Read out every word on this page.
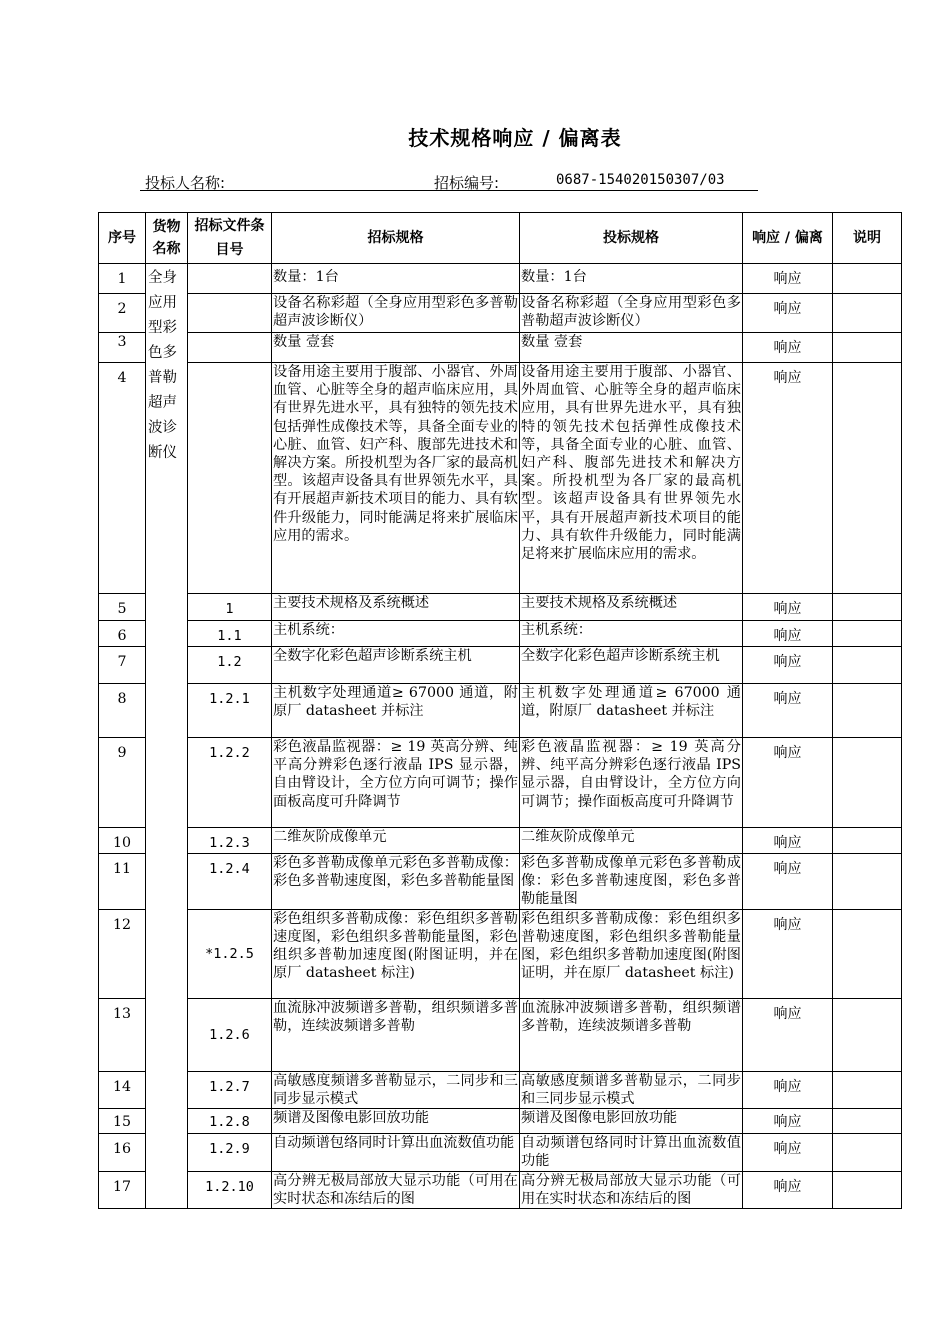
技术规格响应 / 偏离表
投标人名称:	招标编号:	0687-154020150307/03
序号	货物名称	招标文件条目号	招标规格	投标规格	响应 / 偏离	说明
1	全身应用型彩色多普勒超声波诊断仪		数量：1台	数量：1台	响应	
2			设备名称彩超（全身应用型彩色多普勒超声波诊断仪）	设备名称彩超（全身应用型彩色多普勒超声波诊断仪）	响应	
3			数量 壹套	数量 壹套	响应	
4			设备用途主要用于腹部、小器官、外周血管、心脏等全身的超声临床应用，具有世界先进水平，具有独特的领先技术包括弹性成像技术等，具备全面专业的心脏、血管、妇产科、腹部先进技术和解决方案。所投机型为各厂家的最高机型。该超声设备具有世界领先水平，具有开展超声新技术项目的能力、具有软件升级能力，同时能满足将来扩展临床应用的需求。	设备用途主要用于腹部、小器官、外周血管、心脏等全身的超声临床应用，具有世界先进水平，具有独特的领先技术包括弹性成像技术等，具备全面专业的心脏、血管、妇产科、腹部先进技术和解决方案。所投机型为各厂家的最高机型。该超声设备具有世界领先水平，具有开展超声新技术项目的能力、具有软件升级能力，同时能满足将来扩展临床应用的需求。	响应	
5		1	主要技术规格及系统概述	主要技术规格及系统概述	响应	
6		1.1	主机系统：	主机系统：	响应	
7		1.2	全数字化彩色超声诊断系统主机	全数字化彩色超声诊断系统主机	响应	
8		1.2.1	主机数字处理通道≥ 67000 通道，附原厂 datasheet 并标注	主机数字处理通道≥ 67000 通道，附原厂 datasheet 并标注	响应	
9		1.2.2	彩色液晶监视器：≥ 19 英高分辨、纯平高分辨彩色逐行液晶 IPS 显示器，自由臂设计，全方位方向可调节；操作面板高度可升降调节	彩色液晶监视器：≥ 19 英高分辨、纯平高分辨彩色逐行液晶 IPS 显示器，自由臂设计，全方位方向可调节；操作面板高度可升降调节	响应	
10		1.2.3	二维灰阶成像单元	二维灰阶成像单元	响应	
11		1.2.4	彩色多普勒成像单元彩色多普勒成像：彩色多普勒速度图，彩色多普勒能量图	彩色多普勒成像单元彩色多普勒成像：彩色多普勒速度图，彩色多普勒能量图	响应	
12		*1.2.5	彩色组织多普勒成像：彩色组织多普勒速度图，彩色组织多普勒能量图，彩色组织多普勒加速度图(附图证明，并在原厂 datasheet 标注)	彩色组织多普勒成像：彩色组织多普勒速度图，彩色组织多普勒能量图，彩色组织多普勒加速度图(附图证明，并在原厂 datasheet 标注)	响应	
13		1.2.6	血流脉冲波频谱多普勒，组织频谱多普勒，连续波频谱多普勒	血流脉冲波频谱多普勒，组织频谱多普勒，连续波频谱多普勒	响应	
14		1.2.7	高敏感度频谱多普勒显示，二同步和三同步显示模式	高敏感度频谱多普勒显示，二同步和三同步显示模式	响应	
15		1.2.8	频谱及图像电影回放功能	频谱及图像电影回放功能	响应	
16		1.2.9	自动频谱包络同时计算出血流数值功能	自动频谱包络同时计算出血流数值功能	响应	
17		1.2.10	高分辨无极局部放大显示功能（可用在实时状态和冻结后的图	高分辨无极局部放大显示功能（可用在实时状态和冻结后的图	响应	
